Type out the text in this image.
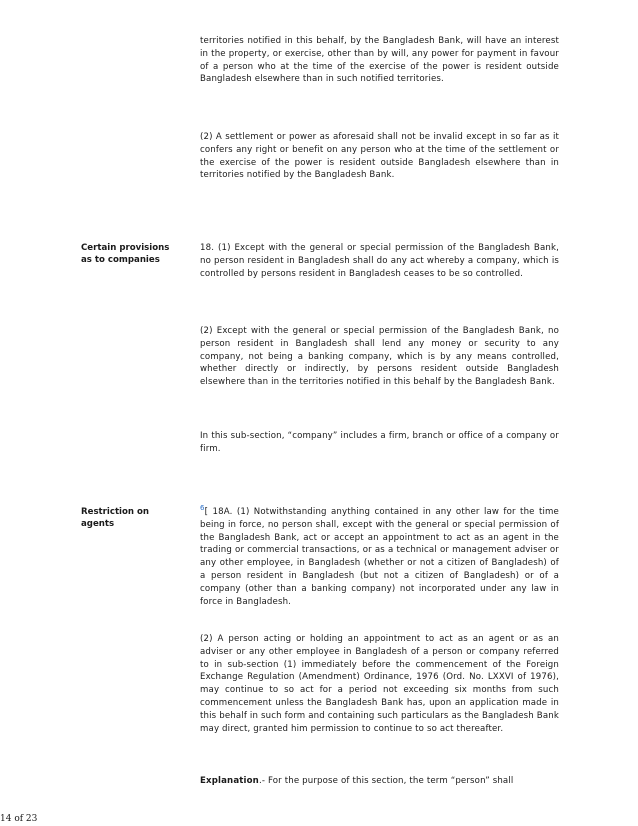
territories notified in this behalf, by the Bangladesh Bank, will have an interest in the property, or exercise, other than by will, any power for payment in favour of a person who at the time of the exercise of the power is resident outside Bangladesh elsewhere than in such notified territories.

(2) A settlement or power as aforesaid shall not be invalid except in so far as it confers any right or benefit on any person who at the time of the settlement or the exercise of the power is resident outside Bangladesh elsewhere than in territories notified by the Bangladesh Bank.

Certain provisions as to companies

18. (1) Except with the general or special permission of the Bangladesh Bank, no person resident in Bangladesh shall do any act whereby a company, which is controlled by persons resident in Bangladesh ceases to be so controlled.

(2) Except with the general or special permission of the Bangladesh Bank, no person resident in Bangladesh shall lend any money or security to any company, not being a banking company, which is by any means controlled, whether directly or indirectly, by persons resident outside Bangladesh elsewhere than in the territories notified in this behalf by the Bangladesh Bank.

In this sub-section, “company” includes a firm, branch or office of a company or firm.

Restriction on agents

$^6$[ 18A. (1) Notwithstanding anything contained in any other law for the time being in force, no person shall, except with the general or special permission of the Bangladesh Bank, act or accept an appointment to act as an agent in the trading or commercial transactions, or as a technical or management adviser or any other employee, in Bangladesh (whether or not a citizen of Bangladesh) of a person resident in Bangladesh (but not a citizen of Bangladesh) or of a company (other than a banking company) not incorporated under any law in force in Bangladesh.

(2) A person acting or holding an appointment to act as an agent or as an adviser or any other employee in Bangladesh of a person or company referred to in sub-section (1) immediately before the commencement of the Foreign Exchange Regulation (Amendment) Ordinance, 1976 (Ord. No. LXXVI of 1976), may continue to so act for a period not exceeding six months from such commencement unless the Bangladesh Bank has, upon an application made in this behalf in such form and containing such particulars as the Bangladesh Bank may direct, granted him permission to continue to so act thereafter.

Explanation.- For the purpose of this section, the term “person” shall

14 of 23
